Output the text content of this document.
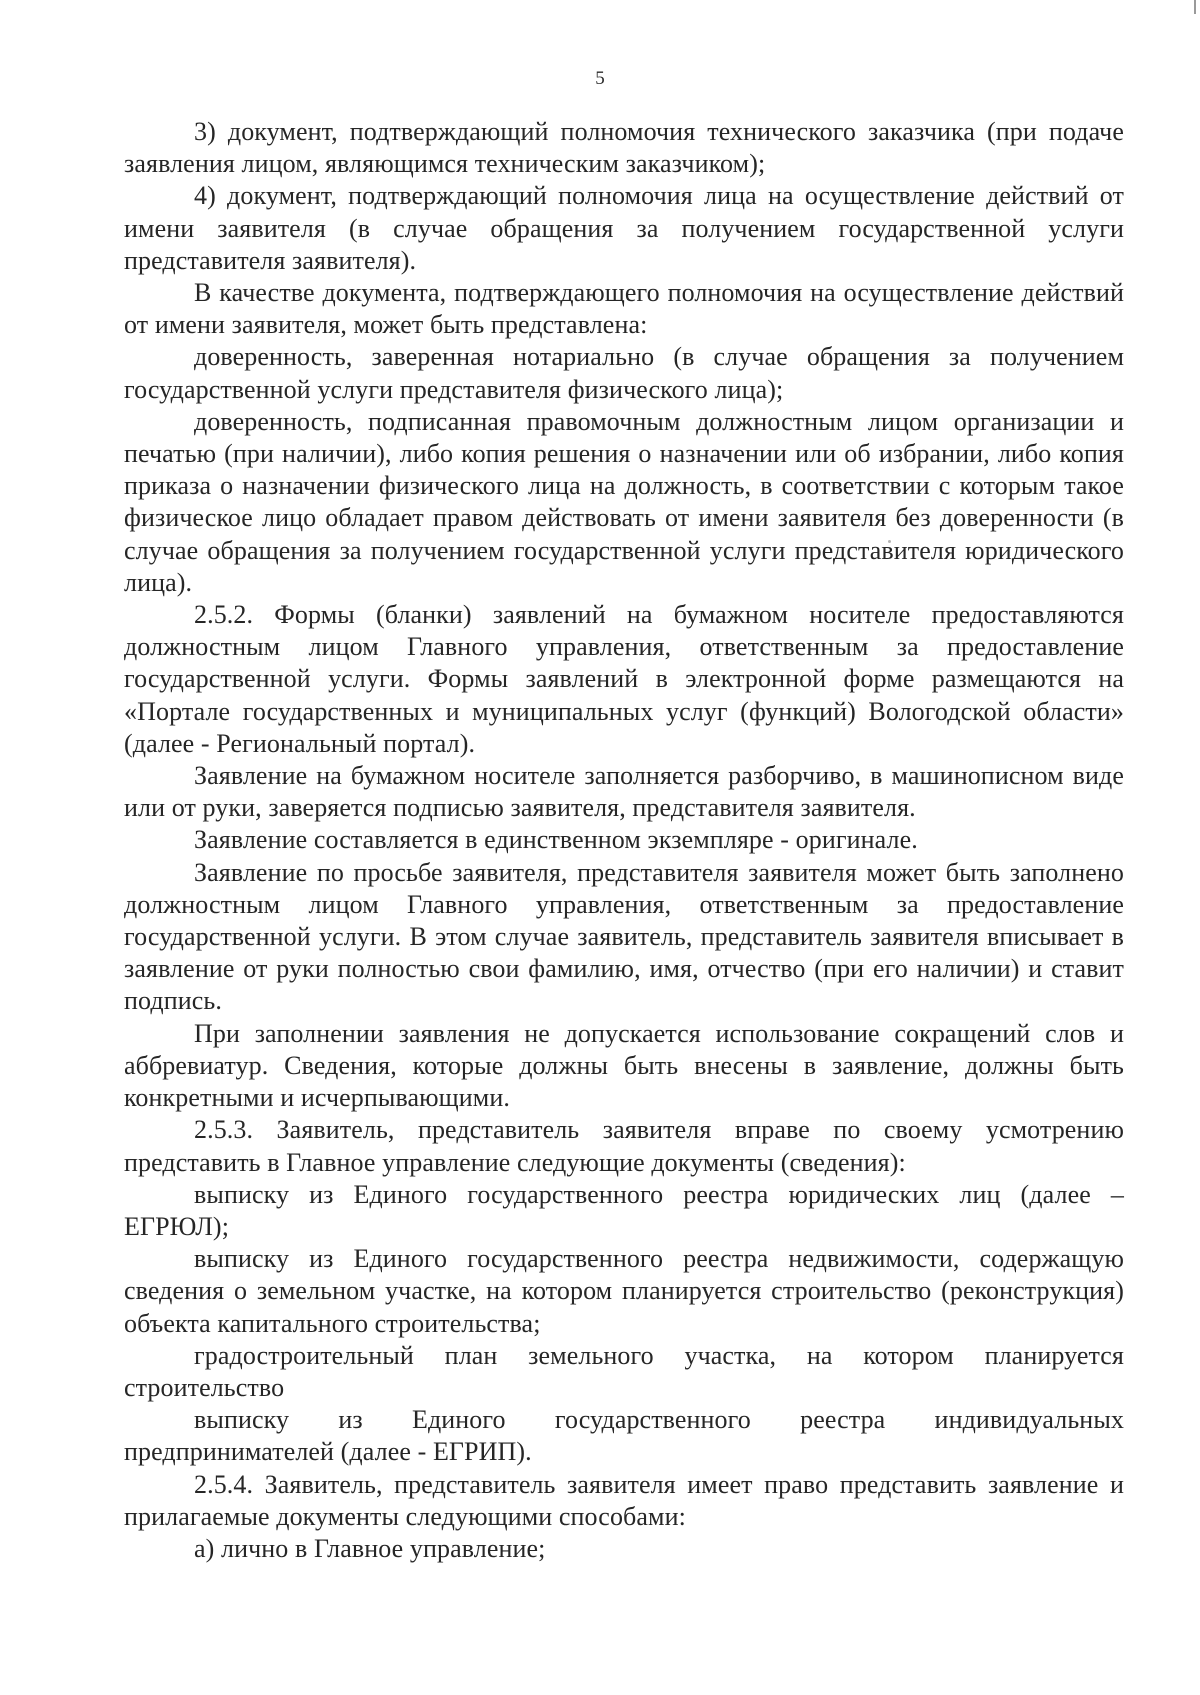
5

3) документ, подтверждающий полномочия технического заказчика (при подаче заявления лицом, являющимся техническим заказчиком);

4) документ, подтверждающий полномочия лица на осуществление действий от имени заявителя (в случае обращения за получением государственной услуги представителя заявителя).

В качестве документа, подтверждающего полномочия на осуществление действий от имени заявителя, может быть представлена:

доверенность, заверенная нотариально (в случае обращения за получением государственной услуги представителя физического лица);

доверенность, подписанная правомочным должностным лицом организации и печатью (при наличии), либо копия решения о назначении или об избрании, либо копия приказа о назначении физического лица на должность, в соответствии с которым такое физическое лицо обладает правом действовать от имени заявителя без доверенности (в случае обращения за получением государственной услуги представителя юридического лица).

2.5.2. Формы (бланки) заявлений на бумажном носителе предоставляются должностным лицом Главного управления, ответственным за предоставление государственной услуги. Формы заявлений в электронной форме размещаются на «Портале государственных и муниципальных услуг (функций) Вологодской области» (далее - Региональный портал).

Заявление на бумажном носителе заполняется разборчиво, в машинописном виде или от руки, заверяется подписью заявителя, представителя заявителя.

Заявление составляется в единственном экземпляре - оригинале.

Заявление по просьбе заявителя, представителя заявителя может быть заполнено должностным лицом Главного управления, ответственным за предоставление государственной услуги. В этом случае заявитель, представитель заявителя вписывает в заявление от руки полностью свои фамилию, имя, отчество (при его наличии) и ставит подпись.

При заполнении заявления не допускается использование сокращений слов и аббревиатур. Сведения, которые должны быть внесены в заявление, должны быть конкретными и исчерпывающими.

2.5.3. Заявитель, представитель заявителя вправе по своему усмотрению представить в Главное управление следующие документы (сведения):

выписку из Единого государственного реестра юридических лиц (далее – ЕГРЮЛ);

выписку из Единого государственного реестра недвижимости, содержащую сведения о земельном участке, на котором планируется строительство (реконструкция) объекта капитального строительства;

градостроительный план земельного участка, на котором планируется строительство

выписку из Единого государственного реестра индивидуальных предпринимателей (далее - ЕГРИП).

2.5.4. Заявитель, представитель заявителя имеет право представить заявление и прилагаемые документы следующими способами:

а) лично в Главное управление;
